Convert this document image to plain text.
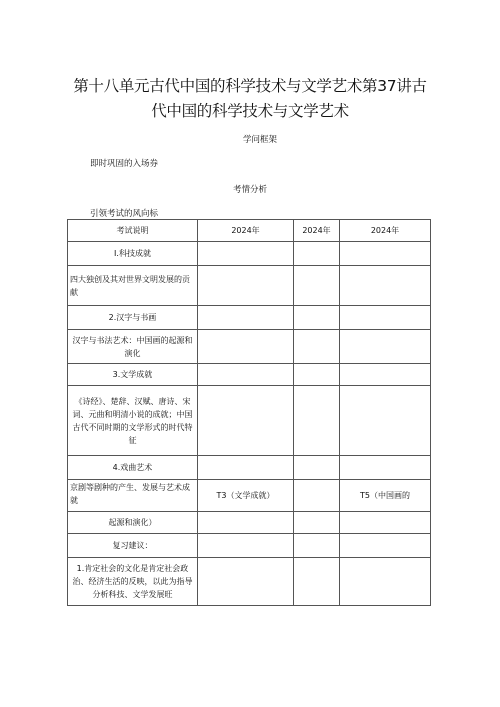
第十八单元古代中国的科学技术与文学艺术第37讲古代中国的科学技术与文学艺术
学问框架
即时巩固的入场券
考情分析
引领考试的风向标
考试说明	2024年	2024年	2024年
I.科技成就			
四大独创及其对世界文明发展的贡献			
2.汉字与书画			
汉字与书法艺术：中国画的起源和演化			
3.文学成就			
《诗经》、楚辞、汉赋、唐诗、宋词、元曲和明清小说的成就；中国古代不同时期的文学形式的时代特征			
4.戏曲艺术			
京剧等剧种的产生、发展与艺术成就	T3（文学成就）		T5（中国画的
起源和演化）			
复习建议：			
1.肯定社会的文化是肯定社会政治、经济生活的反映，以此为指导分析科技、文学发展旺			
